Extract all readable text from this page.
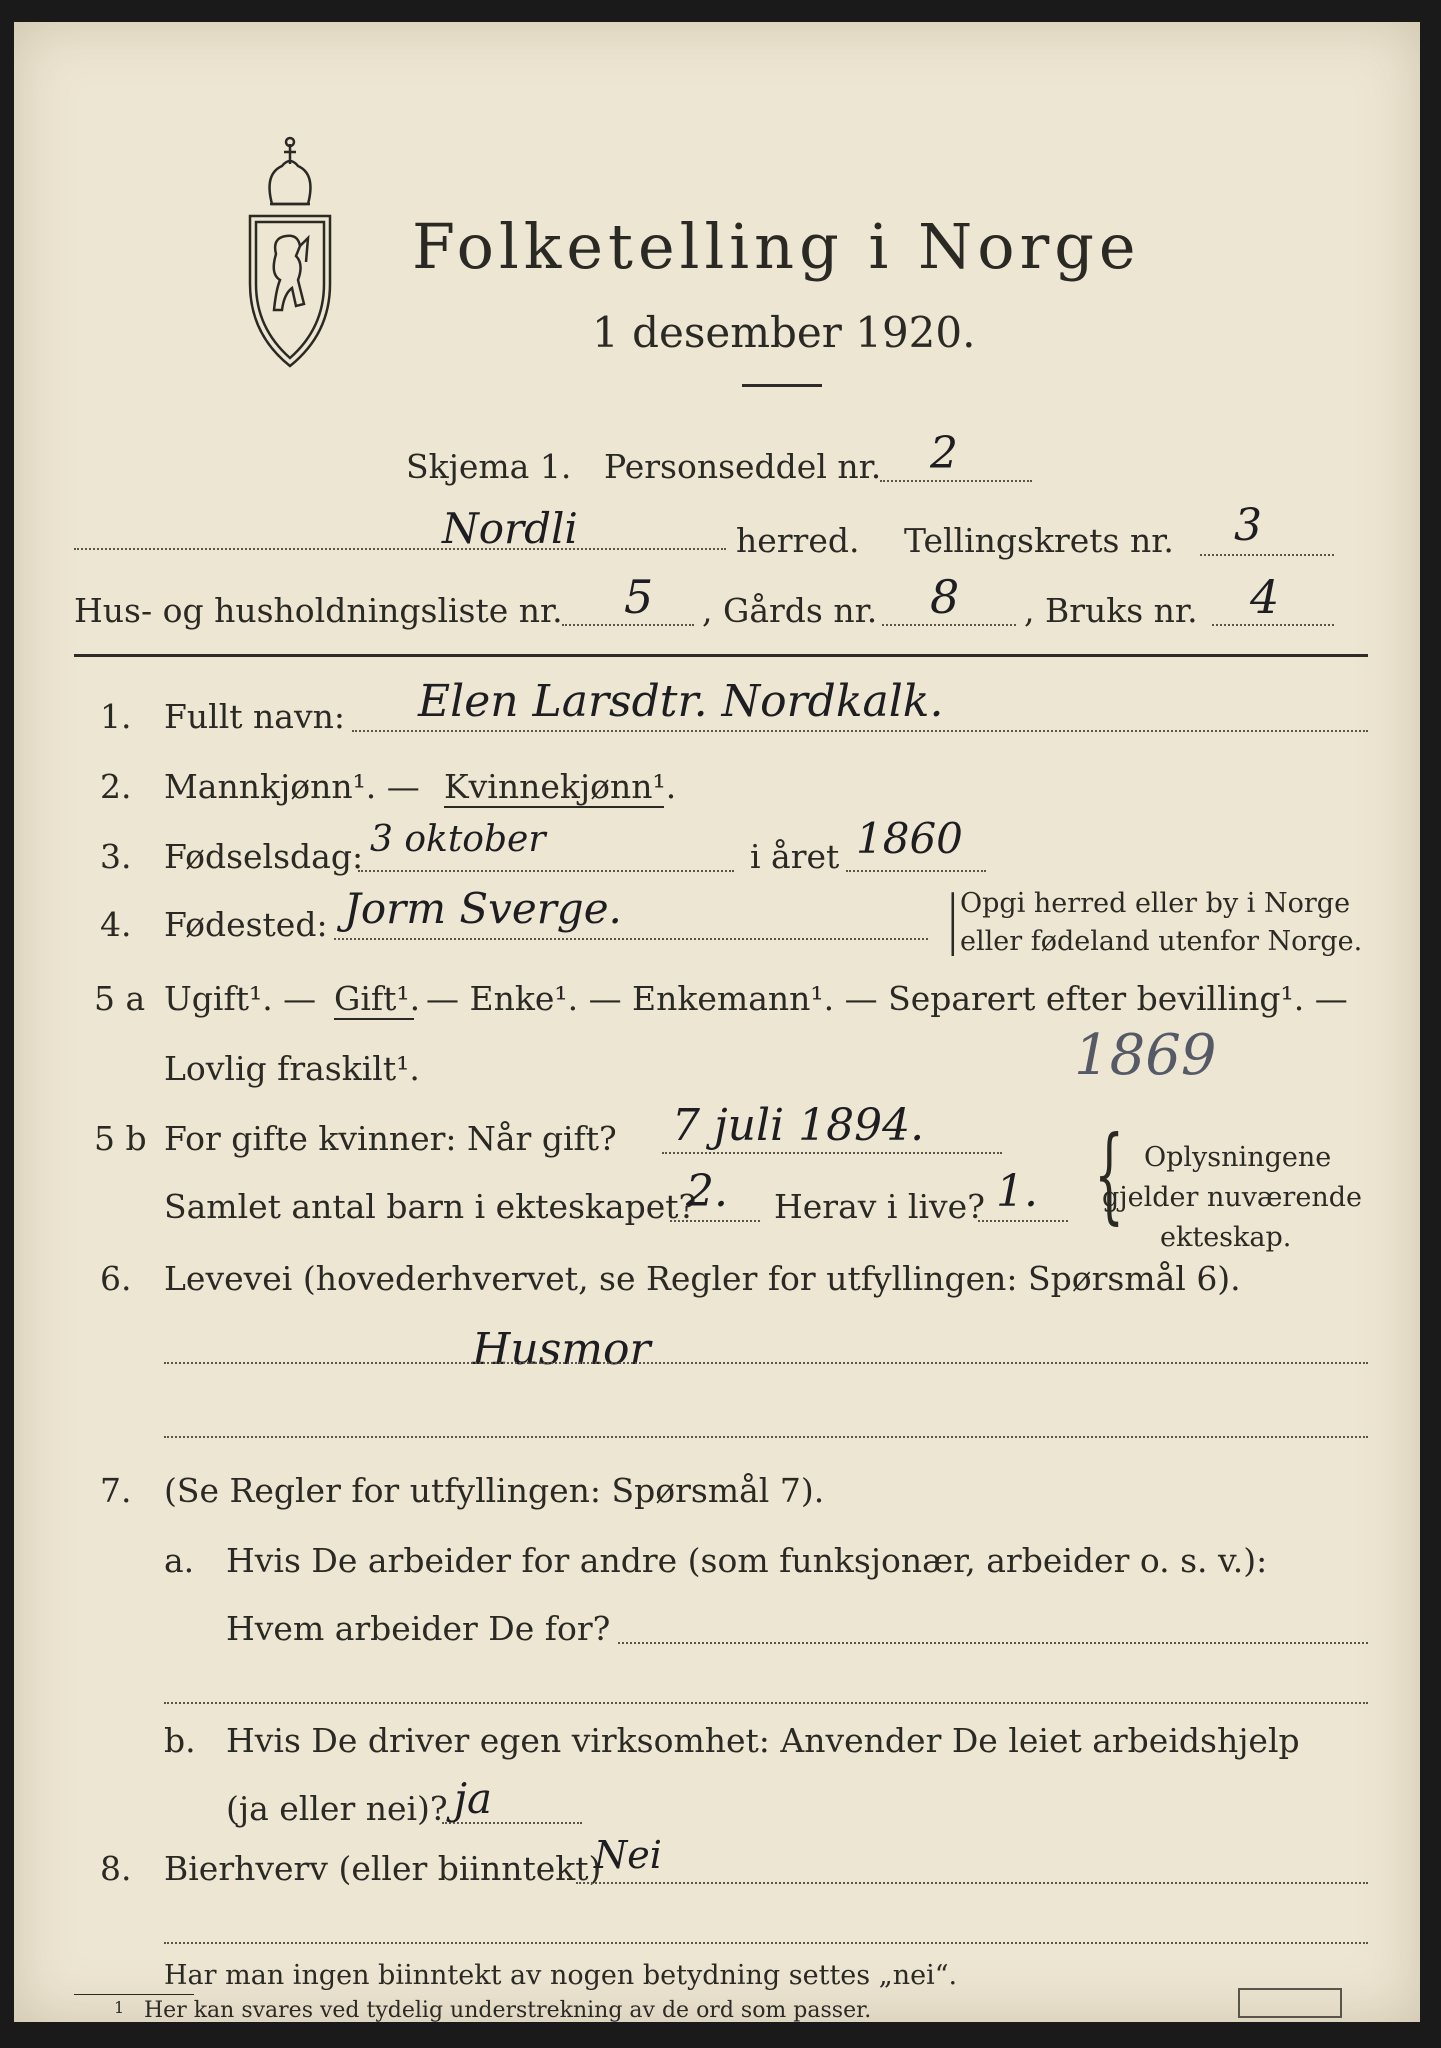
Folketelling i Norge
1 desember 1920.
Skjema 1. Personseddel nr. 2
Nordli	herred. Tellingskrets nr. 3
Hus- og husholdningsliste nr. 5 , Gårds nr. 8 , Bruks nr. 4
1. Fullt navn: Elen Larsdtr. Nordkalk.
2. Mannkjønn¹. — Kvinnekjønn¹.
3. Fødselsdag: 3 oktober	i året 1860
4. Fødested: Jorm Sverge.	| Opgi herred eller by i Norge
eller fødeland utenfor Norge.
5 a Ugift¹. — Gift¹. — Enke¹. — Enkemann¹. — Separert efter bevilling¹. —
Lovlig fraskilt¹.	1869
5 b For gifte kvinner: Når gift? 7 juli 1894.
Samlet antal barn i ekteskapet?
2. Herav i live? 1. { Oplysningene
gjelder nuværende
ekteskap.
6. Levevei (hovederhvervet, se Regler for utfyllingen: Spørsmål 6).
Husmor
7. (Se Regler for utfyllingen: Spørsmål 7).
a. Hvis De arbeider for andre (som funksjonær, arbeider o. s. v.):
Hvem arbeider De for?
b. Hvis De driver egen virksomhet: Anvender De leiet arbeidshjelp
(ja eller nei)? ja
8. Bierhverv (eller biinntekt)
Nei
Har man ingen biinntekt av nogen betydning settes „nei“.
1 Her kan svares ved tydelig understrekning av de ord som passer.
